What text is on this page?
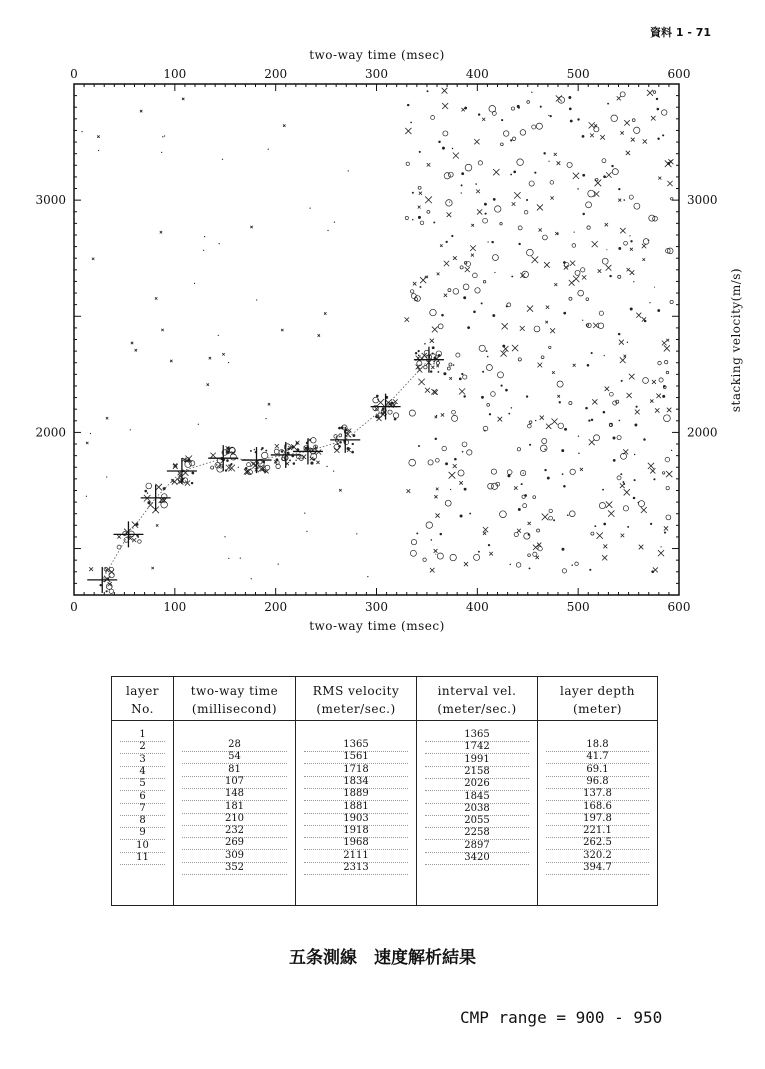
資料 1 - 71
0
0
100
100
200
200
300
300
400
400
500
500
600
600
2000	2000
3000	3000
two-way time (msec)
two-way time (msec)
stacking velocity(m/s)
layer
No.
1
2
3
4
5
6
7
8
9
10
11
two-way time
(millisecond)
28
54
81
107
148
181
210
232
269
309
352
RMS velocity
(meter/sec.)
1365
1561
1718
1834
1889
1881
1903
1918
1968
2111
2313
interval vel.
(meter/sec.)
1365
1742
1991
2158
2026
1845
2038
2055
2258
2897
3420
layer depth
(meter)
18.8
41.7
69.1
96.8
137.8
168.6
197.8
221.1
262.5
320.2
394.7
五条測線　速度解析結果
CMP range = 900 - 950
